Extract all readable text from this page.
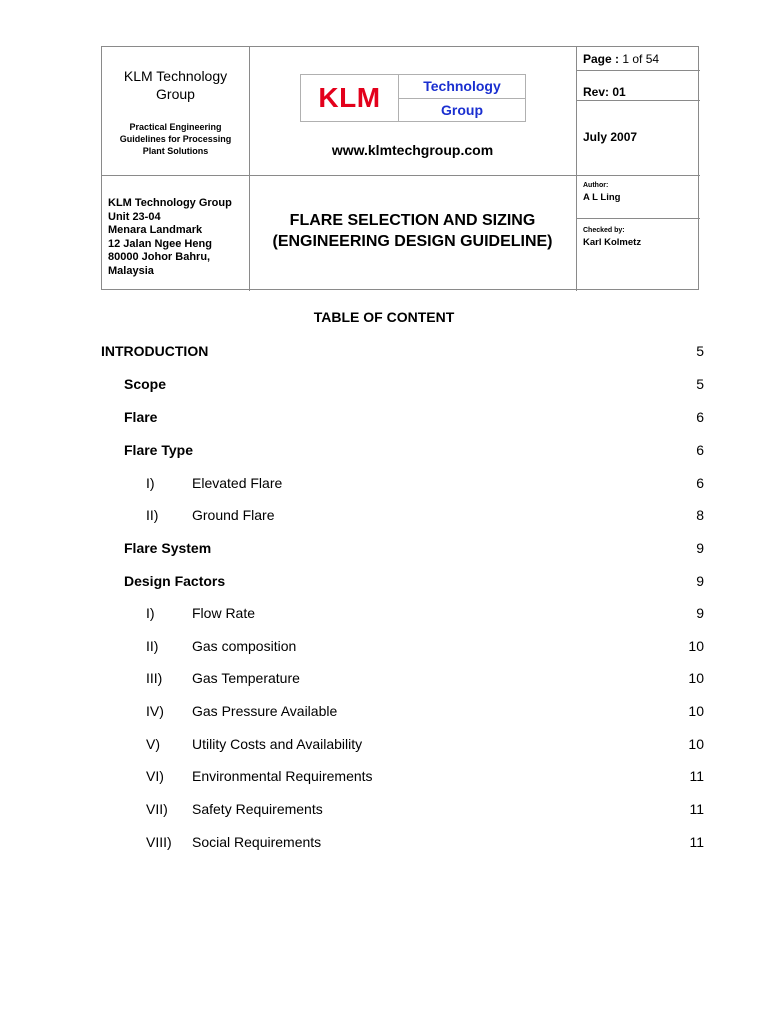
KLM Technology Group
Practical Engineering Guidelines for Processing Plant Solutions
KLM	Technology
Group
www.klmtechgroup.com
Page : 1 of 54
Rev: 01
July 2007
KLM Technology Group
Unit 23-04
Menara Landmark
12 Jalan Ngee Heng
80000 Johor Bahru,
Malaysia
FLARE SELECTION AND SIZING
(ENGINEERING DESIGN GUIDELINE)
Author:
A L Ling
Checked by:
Karl Kolmetz
TABLE OF CONTENT
INTRODUCTION	5
Scope	5
Flare	6
Flare Type	6
I)	Elevated Flare	6
II) Ground Flare	8
Flare System	9
Design Factors	9
I)	Flow Rate	9
II) Gas composition	10
III) Gas Temperature	10
IV) Gas Pressure Available	10
V) Utility Costs and Availability	10
VI) Environmental Requirements	11
VII) Safety Requirements	11
VIII) Social Requirements	11
